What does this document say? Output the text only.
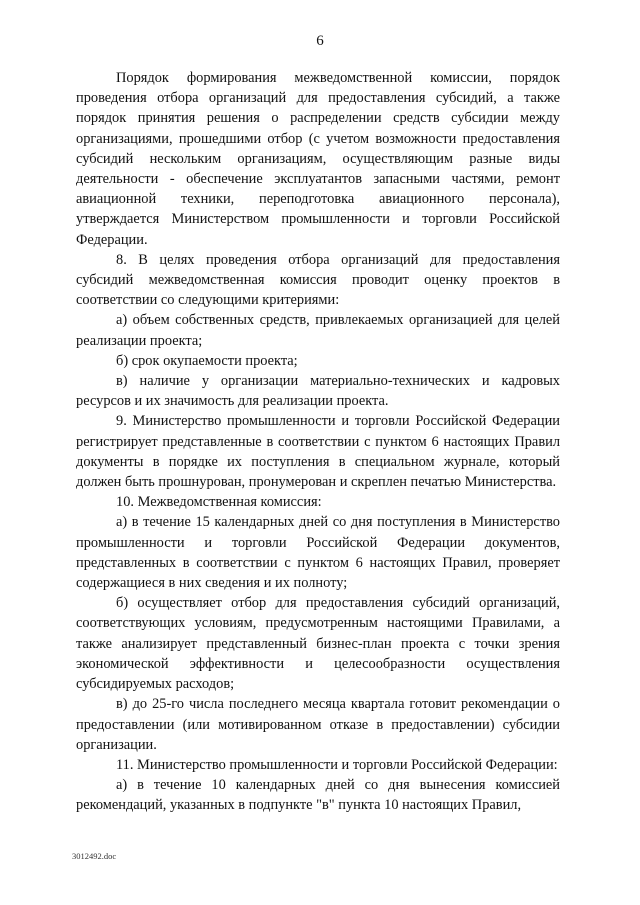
6

Порядок формирования межведомственной комиссии, порядок проведения отбора организаций для предоставления субсидий, а также порядок принятия решения о распределении средств субсидии между организациями, прошедшими отбор (с учетом возможности предоставления субсидий нескольким организациям, осуществляющим разные виды деятельности - обеспечение эксплуатантов запасными частями, ремонт авиационной техники, переподготовка авиационного персонала), утверждается Министерством промышленности и торговли Российской Федерации.

8. В целях проведения отбора организаций для предоставления субсидий межведомственная комиссия проводит оценку проектов в соответствии со следующими критериями:

а) объем собственных средств, привлекаемых организацией для целей реализации проекта;

б) срок окупаемости проекта;

в) наличие у организации материально-технических и кадровых ресурсов и их значимость для реализации проекта.

9. Министерство промышленности и торговли Российской Федерации регистрирует представленные в соответствии с пунктом 6 настоящих Правил документы в порядке их поступления в специальном журнале, который должен быть прошнурован, пронумерован и скреплен печатью Министерства.

10. Межведомственная комиссия:

а) в течение 15 календарных дней со дня поступления в Министерство промышленности и торговли Российской Федерации документов, представленных в соответствии с пунктом 6 настоящих Правил, проверяет содержащиеся в них сведения и их полноту;

б) осуществляет отбор для предоставления субсидий организаций, соответствующих условиям, предусмотренным настоящими Правилами, а также анализирует представленный бизнес-план проекта с точки зрения экономической эффективности и целесообразности осуществления субсидируемых расходов;

в) до 25-го числа последнего месяца квартала готовит рекомендации о предоставлении (или мотивированном отказе в предоставлении) субсидии организации.

11. Министерство промышленности и торговли Российской Федерации:

а) в течение 10 календарных дней со дня вынесения комиссией рекомендаций, указанных в подпункте "в" пункта 10 настоящих Правил,

3012492.doc
